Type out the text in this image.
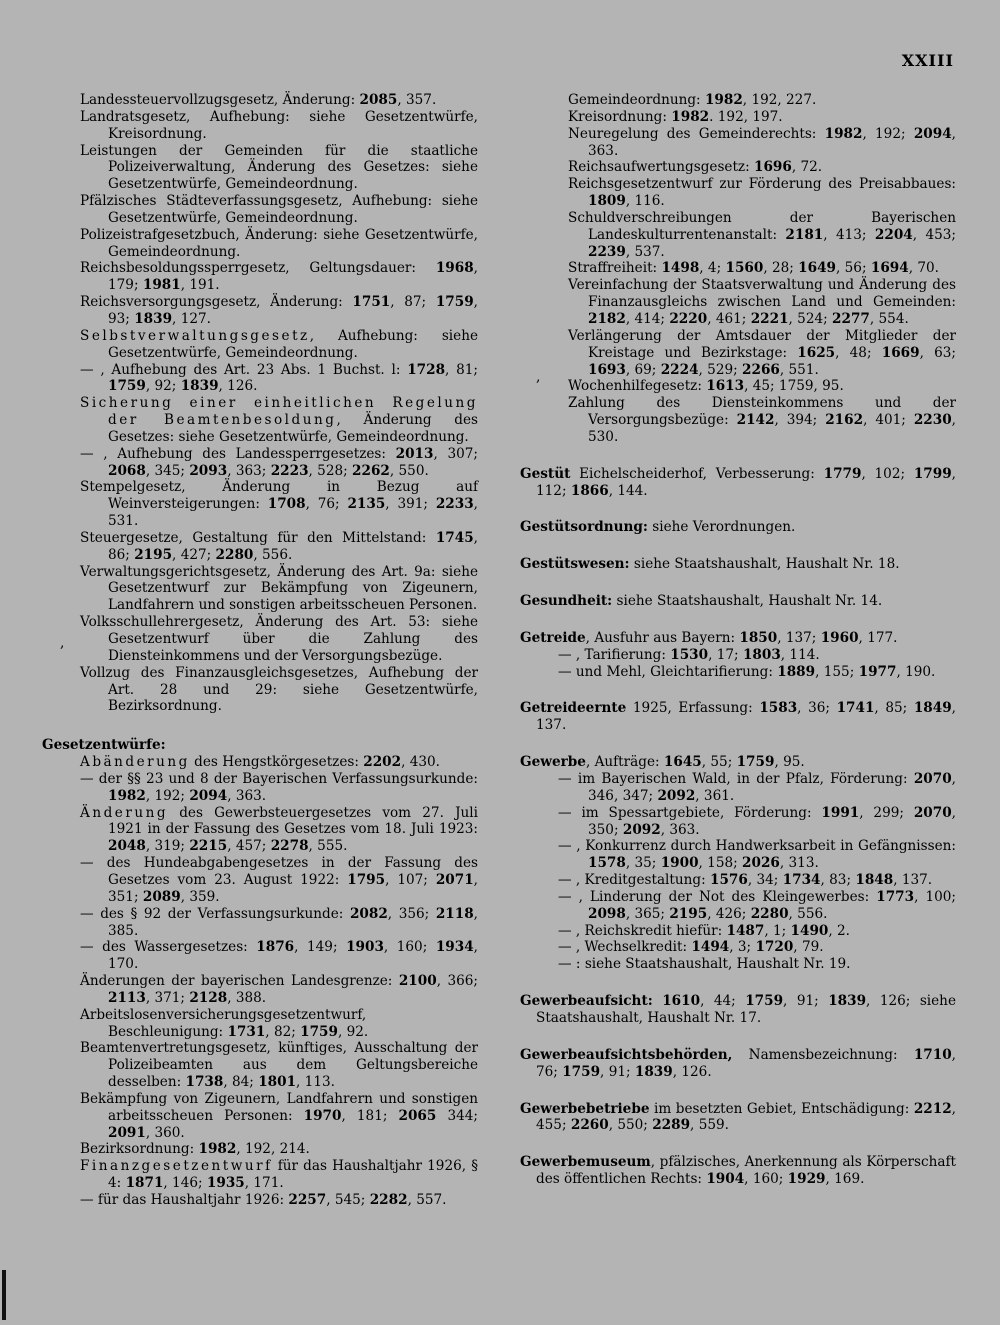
XXIII

Landessteuervollzugsgesetz, Änderung: 2085, 357.

Landratsgesetz, Aufhebung: siehe Gesetzentwürfe, Kreisordnung.

Leistungen der Gemeinden für die staatliche Polizeiverwaltung, Änderung des Gesetzes: siehe Gesetzentwürfe, Gemeindeordnung.

Pfälzisches Städteverfassungsgesetz, Aufhebung: siehe Gesetzentwürfe, Gemeindeordnung.

Polizeistrafgesetzbuch, Änderung: siehe Gesetzentwürfe, Gemeindeordnung.

Reichsbesoldungssperrgesetz, Geltungsdauer: 1968, 179; 1981, 191.

Reichsversorgungsgesetz, Änderung: 1751, 87; 1759, 93; 1839, 127.

Selbstverwaltungsgesetz, Aufhebung: siehe Gesetzentwürfe, Gemeindeordnung.

— , Aufhebung des Art. 23 Abs. 1 Buchst. l: 1728, 81; 1759, 92; 1839, 126.

Sicherung einer einheitlichen Regelung der Beamtenbesoldung, Änderung des Gesetzes: siehe Gesetzentwürfe, Gemeindeordnung.

— , Aufhebung des Landessperrgesetzes: 2013, 307; 2068, 345; 2093, 363; 2223, 528; 2262, 550.

Stempelgesetz, Änderung in Bezug auf Weinversteigerungen: 1708, 76; 2135, 391; 2233, 531.

Steuergesetze, Gestaltung für den Mittelstand: 1745, 86; 2195, 427; 2280, 556.

Verwaltungsgerichtsgesetz, Änderung des Art. 9a: siehe Gesetzentwurf zur Bekämpfung von Zigeunern, Landfahrern und sonstigen arbeitsscheuen Personen.

Volksschullehrergesetz, Änderung des Art. 53: siehe Gesetzentwurf über die Zahlung des Diensteinkommens und der Versorgungsbezüge.

Vollzug des Finanzausgleichsgesetzes, Aufhebung der Art. 28 und 29: siehe Gesetzentwürfe, Bezirksordnung.

Gesetzentwürfe:

Abänderung des Hengstkörgesetzes: 2202, 430.

— der §§ 23 und 8 der Bayerischen Verfassungsurkunde: 1982, 192; 2094, 363.

Änderung des Gewerbsteuergesetzes vom 27. Juli 1921 in der Fassung des Gesetzes vom 18. Juli 1923: 2048, 319; 2215, 457; 2278, 555.

— des Hundeabgabengesetzes in der Fassung des Gesetzes vom 23. August 1922: 1795, 107; 2071, 351; 2089, 359.

— des § 92 der Verfassungsurkunde: 2082, 356; 2118, 385.

— des Wassergesetzes: 1876, 149; 1903, 160; 1934, 170.

Änderungen der bayerischen Landesgrenze: 2100, 366; 2113, 371; 2128, 388.

Arbeitslosenversicherungsgesetzentwurf, Beschleunigung: 1731, 82; 1759, 92.

Beamtenvertretungsgesetz, künftiges, Ausschaltung der Polizeibeamten aus dem Geltungsbereiche desselben: 1738, 84; 1801, 113.

Bekämpfung von Zigeunern, Landfahrern und sonstigen arbeitsscheuen Personen: 1970, 181; 2065 344; 2091, 360.

Bezirksordnung: 1982, 192, 214.

Finanzgesetzentwurf für das Haushaltjahr 1926, § 4: 1871, 146; 1935, 171.

— für das Haushaltjahr 1926: 2257, 545; 2282, 557.

Gemeindeordnung: 1982, 192, 227.

Kreisordnung: 1982. 192, 197.

Neuregelung des Gemeinderechts: 1982, 192; 2094, 363.

Reichsaufwertungsgesetz: 1696, 72.

Reichsgesetzentwurf zur Förderung des Preisabbaues: 1809, 116.

Schuldverschreibungen der Bayerischen Landeskulturrentenanstalt: 2181, 413; 2204, 453; 2239, 537.

Straffreiheit: 1498, 4; 1560, 28; 1649, 56; 1694, 70.

Vereinfachung der Staatsverwaltung und Änderung des Finanzausgleichs zwischen Land und Gemeinden: 2182, 414; 2220, 461; 2221, 524; 2277, 554.

Verlängerung der Amtsdauer der Mitglieder der Kreistage und Bezirkstage: 1625, 48; 1669, 63; 1693, 69; 2224, 529; 2266, 551.

Wochenhilfegesetz: 1613, 45; 1759, 95.

Zahlung des Diensteinkommens und der Versorgungsbezüge: 2142, 394; 2162, 401; 2230, 530.

Gestüt Eichelscheiderhof, Verbesserung: 1779, 102; 1799, 112; 1866, 144.

Gestütsordnung: siehe Verordnungen.

Gestütswesen: siehe Staatshaushalt, Haushalt Nr. 18.

Gesundheit: siehe Staatshaushalt, Haushalt Nr. 14.

Getreide, Ausfuhr aus Bayern: 1850, 137; 1960, 177.

— , Tarifierung: 1530, 17; 1803, 114.

— und Mehl, Gleichtarifierung: 1889, 155; 1977, 190.

Getreideernte 1925, Erfassung: 1583, 36; 1741, 85; 1849, 137.

Gewerbe, Aufträge: 1645, 55; 1759, 95.

— im Bayerischen Wald, in der Pfalz, Förderung: 2070, 346, 347; 2092, 361.

— im Spessartgebiete, Förderung: 1991, 299; 2070, 350; 2092, 363.

— , Konkurrenz durch Handwerksarbeit in Gefängnissen: 1578, 35; 1900, 158; 2026, 313.

— , Kreditgestaltung: 1576, 34; 1734, 83; 1848, 137.

— , Linderung der Not des Kleingewerbes: 1773, 100; 2098, 365; 2195, 426; 2280, 556.

— , Reichskredit hiefür: 1487, 1; 1490, 2.

— , Wechselkredit: 1494, 3; 1720, 79.

— : siehe Staatshaushalt, Haushalt Nr. 19.

Gewerbeaufsicht: 1610, 44; 1759, 91; 1839, 126; siehe Staatshaushalt, Haushalt Nr. 17.

Gewerbeaufsichtsbehörden, Namensbezeichnung: 1710, 76; 1759, 91; 1839, 126.

Gewerbebetriebe im besetzten Gebiet, Entschädigung: 2212, 455; 2260, 550; 2289, 559.

Gewerbemuseum, pfälzisches, Anerkennung als Körperschaft des öffentlichen Rechts: 1904, 160; 1929, 169.

,
,
